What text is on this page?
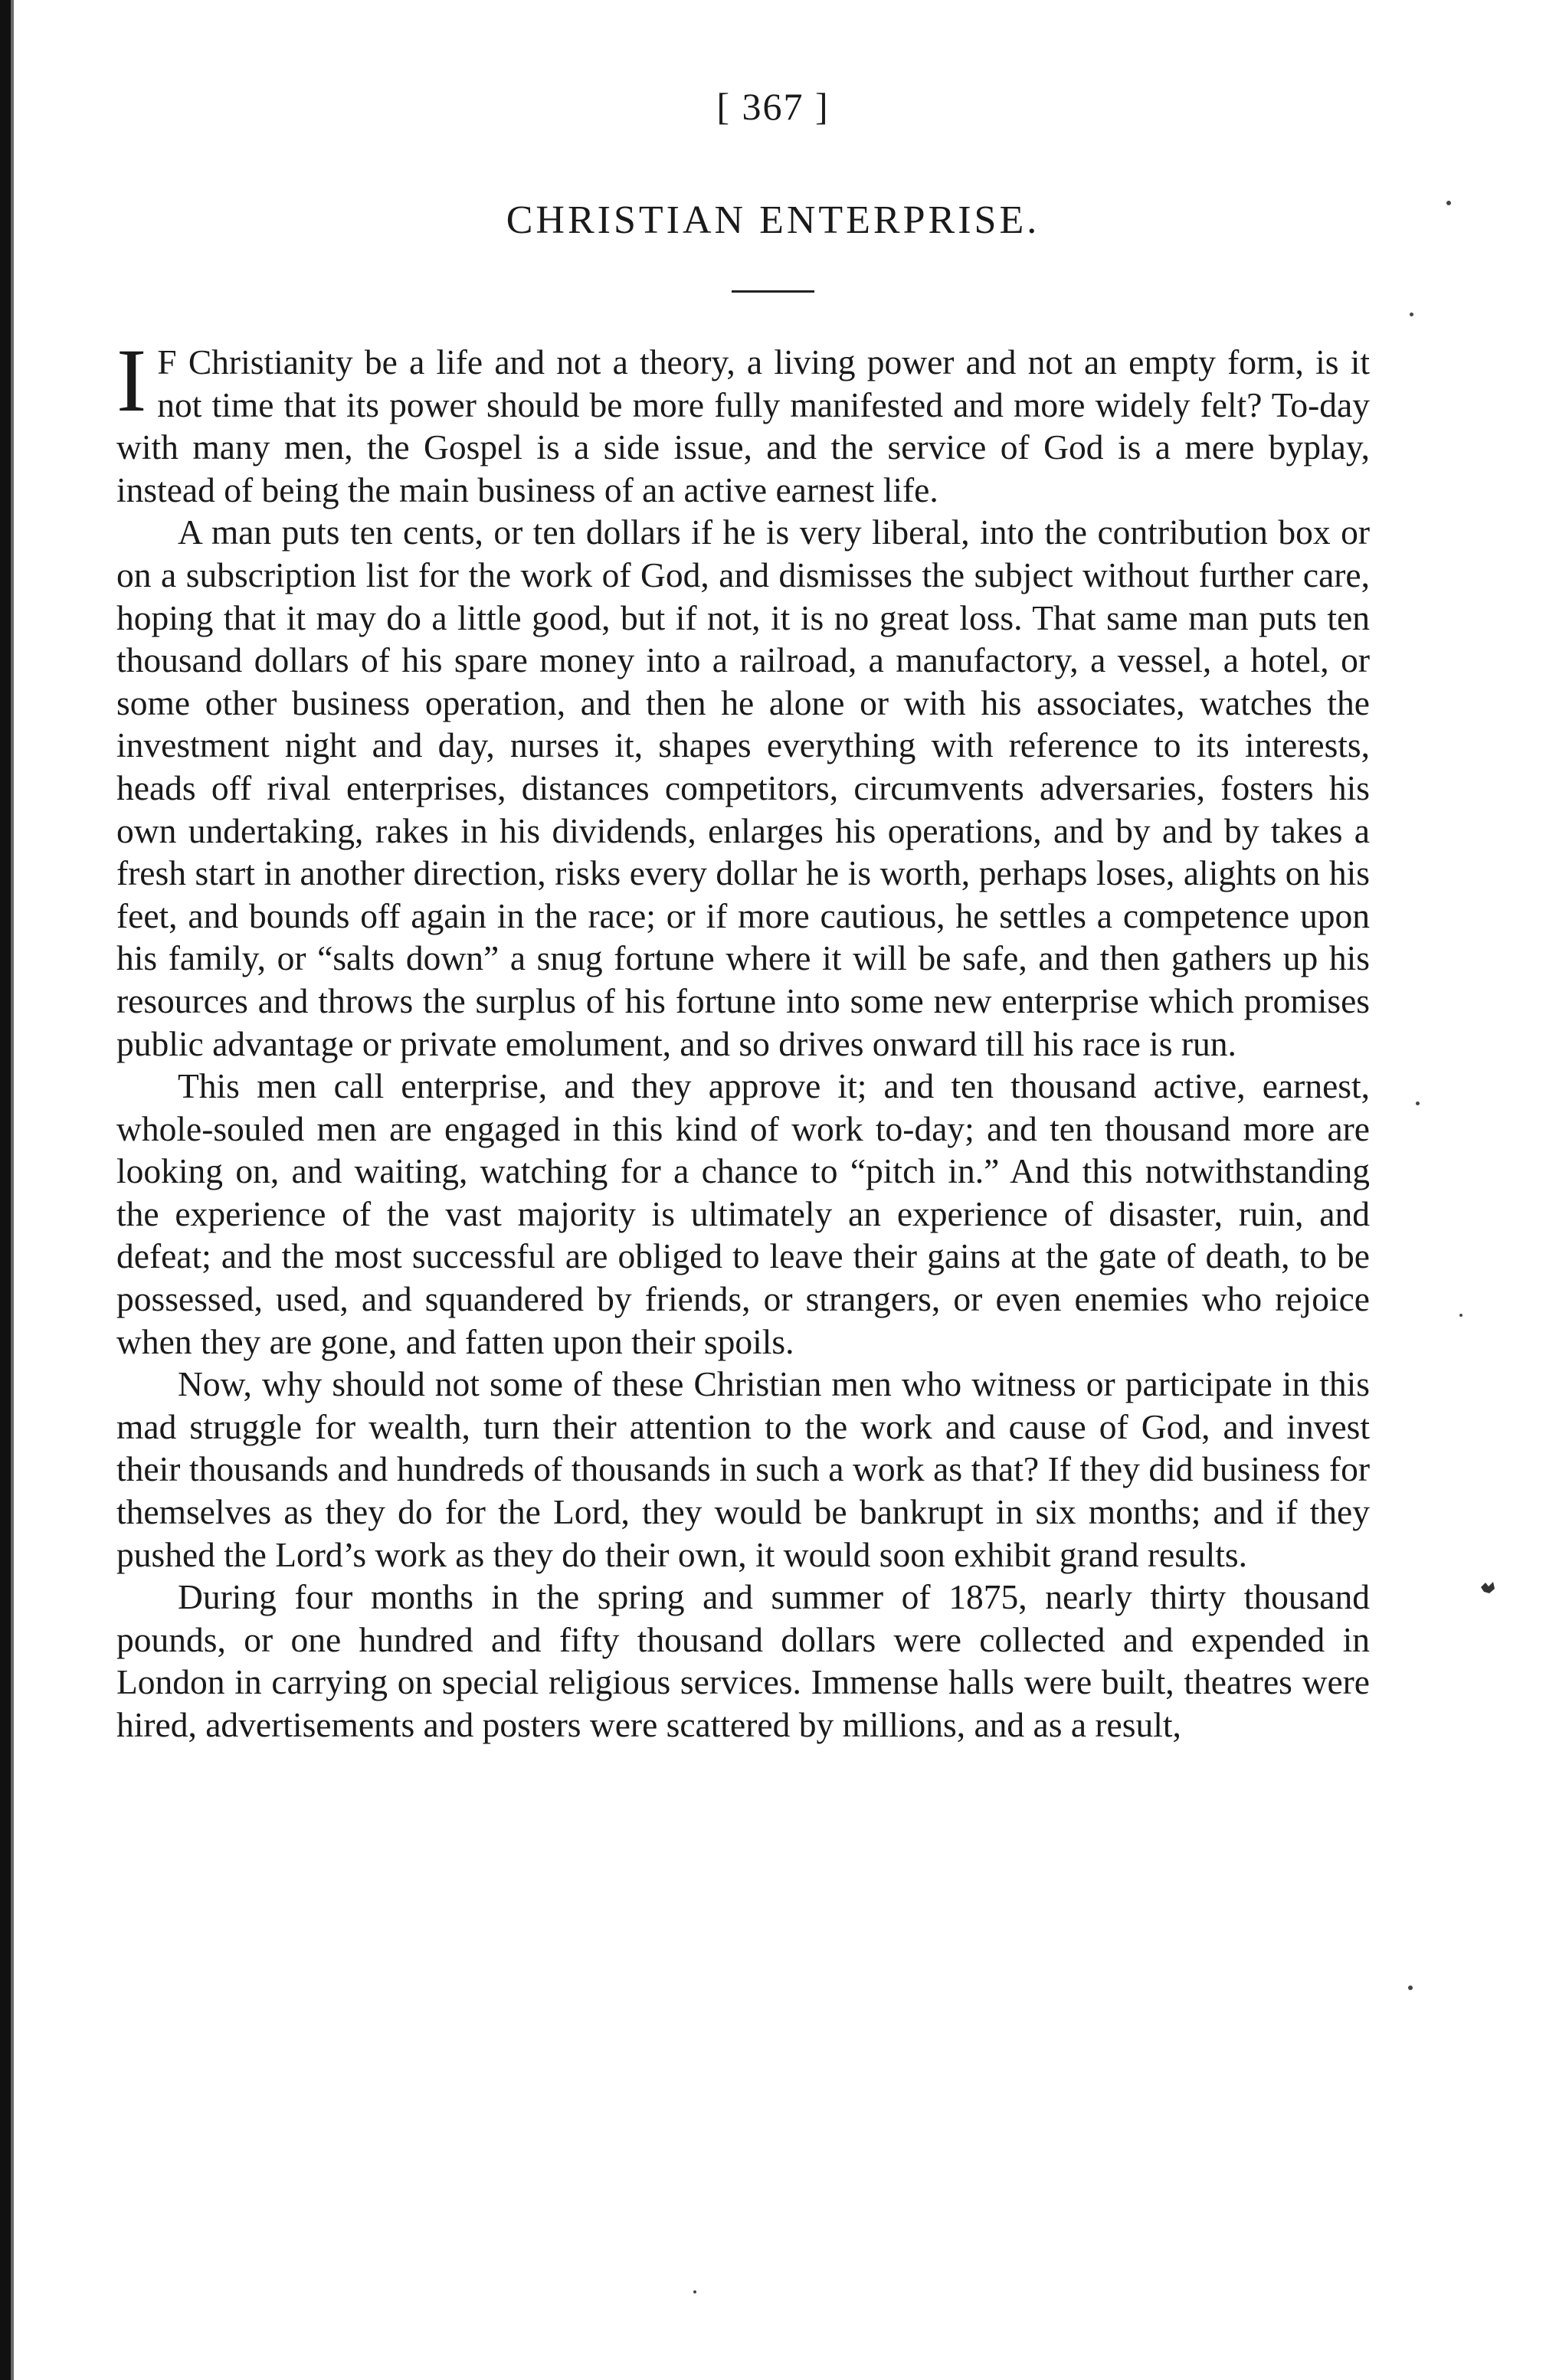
[ 367 ]
CHRISTIAN ENTERPRISE.

I F Christianity be a life and not a theory, a living power and not an empty form, is it not time that its power should be more fully manifested and more widely felt? To-day with many men, the Gospel is a side issue, and the service of God is a mere byplay, instead of being the main business of an active earnest life.

A man puts ten cents, or ten dollars if he is very liberal, into the contribution box or on a subscription list for the work of God, and dismisses the subject without further care, hoping that it may do a little good, but if not, it is no great loss. That same man puts ten thousand dollars of his spare money into a railroad, a manufactory, a vessel, a hotel, or some other business operation, and then he alone or with his associates, watches the investment night and day, nurses it, shapes everything with reference to its interests, heads off rival enterprises, distances competitors, circumvents adversaries, fosters his own undertaking, rakes in his dividends, enlarges his operations, and by and by takes a fresh start in another direction, risks every dollar he is worth, perhaps loses, alights on his feet, and bounds off again in the race; or if more cautious, he settles a competence upon his family, or “salts down” a snug fortune where it will be safe, and then gathers up his resources and throws the surplus of his fortune into some new enterprise which promises public advantage or private emolument, and so drives onward till his race is run.

This men call enterprise, and they approve it; and ten thousand active, earnest, whole-souled men are engaged in this kind of work to-day; and ten thousand more are looking on, and waiting, watching for a chance to “pitch in.” And this notwithstanding the experience of the vast majority is ultimately an experience of disaster, ruin, and defeat; and the most successful are obliged to leave their gains at the gate of death, to be possessed, used, and squandered by friends, or strangers, or even enemies who rejoice when they are gone, and fatten upon their spoils.

Now, why should not some of these Christian men who witness or participate in this mad struggle for wealth, turn their attention to the work and cause of God, and invest their thousands and hundreds of thousands in such a work as that? If they did business for themselves as they do for the Lord, they would be bankrupt in six months; and if they pushed the Lord’s work as they do their own, it would soon exhibit grand results.

During four months in the spring and summer of 1875, nearly thirty thousand pounds, or one hundred and fifty thousand dollars were collected and expended in London in carrying on special religious services. Immense halls were built, theatres were hired, advertisements and posters were scattered by millions, and as a result,
